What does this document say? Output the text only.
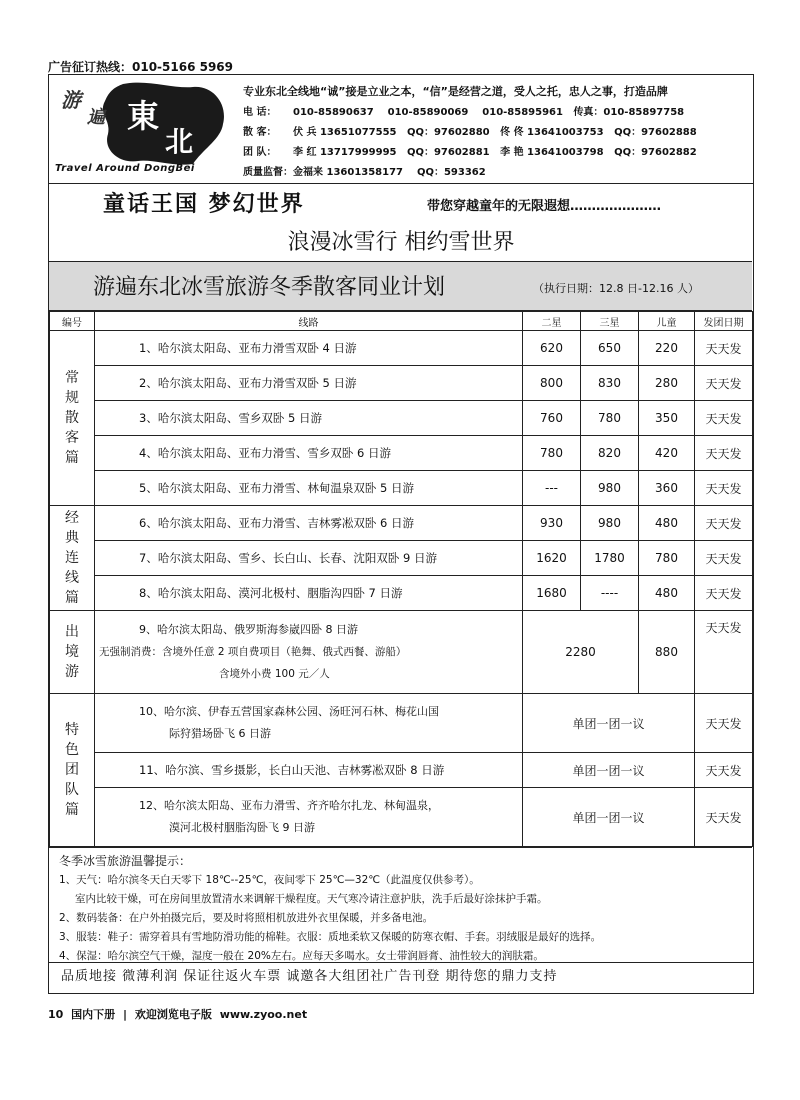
广告征订热线：010-5166 5969
游
遍 東
北
Travel Around DongBei
专业东北全线地“诚”接是立业之本，“信”是经营之道，受人之托，忠人之事，打造品牌
电 话： 010-85890637 010-85890069 010-85895961 传真：010-85897758
散 客： 伏 兵 13651077555 QQ：97602880 佟 佟 13641003753 QQ：97602888
团 队： 李 红 13717999995 QQ：97602881 李 艳 13641003798 QQ：97602882
质量监督：金福来 13601358177 QQ：593362
童话王国 梦幻世界	带您穿越童年的无限遐想…………………
浪漫冰雪行 相约雪世界
游遍东北冰雪旅游冬季散客同业计划	（执行日期：12.8 日-12.16 人）
编号	线路	二星	三星	儿童	发团日期

常规散客篇	1、哈尔滨太阳岛、亚布力滑雪双卧 4 日游	620	650	220	天天发
	2、哈尔滨太阳岛、亚布力滑雪双卧 5 日游	800	830	280	天天发
	3、哈尔滨太阳岛、雪乡双卧 5 日游	760	780	350	天天发
	4、哈尔滨太阳岛、亚布力滑雪、雪乡双卧 6 日游	780	820	420	天天发
	5、哈尔滨太阳岛、亚布力滑雪、林甸温泉双卧 5 日游	---	980	360	天天发

经典连线篇	6、哈尔滨太阳岛、亚布力滑雪、吉林雾凇双卧 6 日游	930	980	480	天天发
	7、哈尔滨太阳岛、雪乡、长白山、长春、沈阳双卧 9 日游	1620	1780	780	天天发
	8、哈尔滨太阳岛、漠河北极村、胭脂沟四卧 7 日游	1680	----	480	天天发

出境游	9、哈尔滨太阳岛、俄罗斯海参崴四卧 8 日游
无强制消费：含境外任意 2 项自费项目（艳舞、俄式西餐、游船）
含境外小费 100 元／人	2280		880	天天发

特色团队篇	10、哈尔滨、伊春五营国家森林公园、汤旺河石林、梅花山国
际狩猎场卧飞 6 日游	单团一团一议			天天发
	11、哈尔滨、雪乡摄影，长白山天池、吉林雾凇双卧 8 日游	单团一团一议			天天发

	12、哈尔滨太阳岛、亚布力滑雪、齐齐哈尔扎龙、林甸温泉，
漠河北极村胭脂沟卧飞 9 日游	单团一团一议			天天发
冬季冰雪旅游温馨提示：
1、天气：哈尔滨冬天白天零下 18℃--25℃，夜间零下 25℃—32℃（此温度仅供参考）。
室内比较干燥，可在房间里放置清水来调解干燥程度。天气寒冷请注意护肤，洗手后最好涂抹护手霜。
2、数码装备：在户外拍摄完后，要及时将照相机放进外衣里保暖，并多备电池。
3、服装：鞋子：需穿着具有雪地防滑功能的棉鞋。衣服：质地柔软又保暖的防寒衣帽、手套。羽绒服是最好的选择。
4、保湿：哈尔滨空气干燥，湿度一般在 20%左右。应每天多喝水。女士带润唇膏、油性较大的润肤霜。
品质地接 微薄利润 保证往返火车票 诚邀各大组团社广告刊登 期待您的鼎力支持
10 国内下册 | 欢迎浏览电子版 www.zyoo.net
